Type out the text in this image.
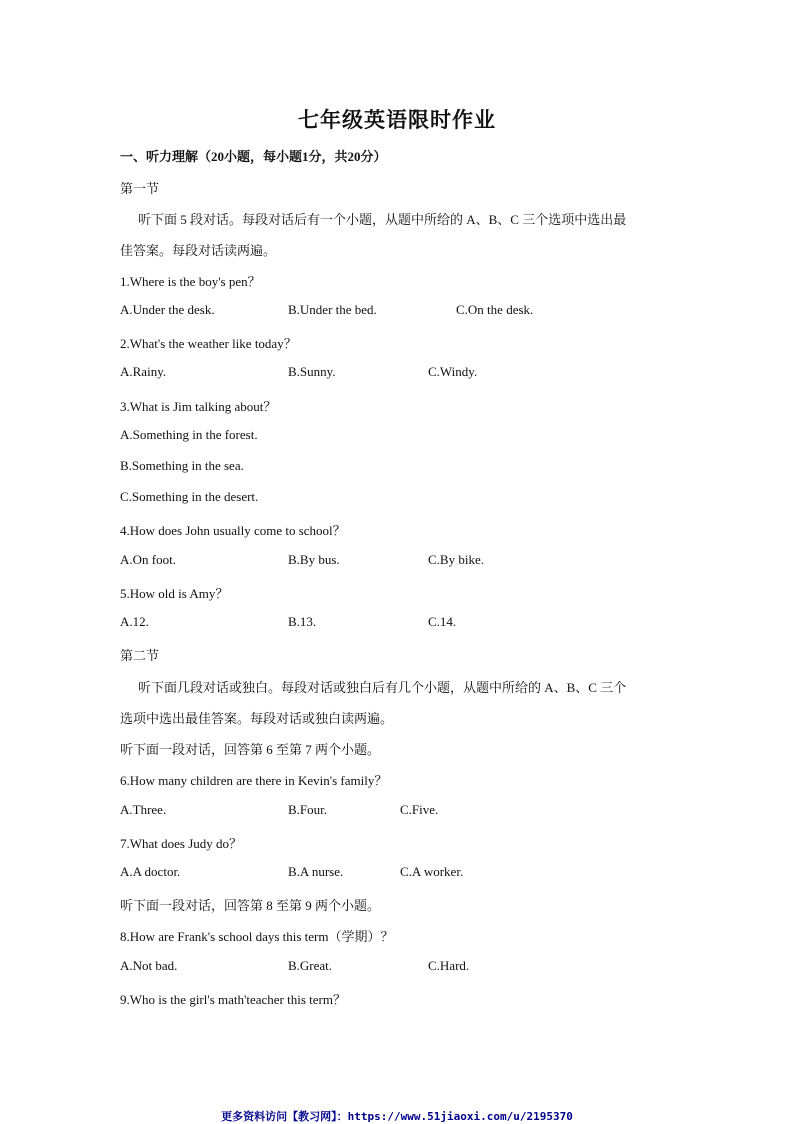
七年级英语限时作业
一、听力理解（20小题，每小题1分，共20分）
第一节
听下面 5 段对话。每段对话后有一个小题，从题中所给的 A、B、C 三个选项中选出最
佳答案。每段对话读两遍。
1.Where is the boy's pen？
A.Under the desk.	B.Under the bed.	C.On the desk.
2.What's the weather like today？
A.Rainy.	B.Sunny.	C.Windy.
3.What is Jim talking about？
A.Something in the forest.
B.Something in the sea.
C.Something in the desert.
4.How does John usually come to school？
A.On foot.	B.By bus.	C.By bike.
5.How old is Amy？
A.12.	B.13.	C.14.
第二节
听下面几段对话或独白。每段对话或独白后有几个小题，从题中所给的 A、B、C 三个
选项中选出最佳答案。每段对话或独白读两遍。
听下面一段对话，回答第 6 至第 7 两个小题。
6.How many children are there in Kevin's family？
A.Three.	B.Four.	C.Five.
7.What does Judy do？
A.A doctor.	B.A nurse.	C.A worker.
听下面一段对话，回答第 8 至第 9 两个小题。
8.How are Frank's school days this term（学期）？
A.Not bad.	B.Great.	C.Hard.
9.Who is the girl's math'teacher this term？
更多资料访问【教习网】：https://www.51jiaoxi.com/u/2195370
